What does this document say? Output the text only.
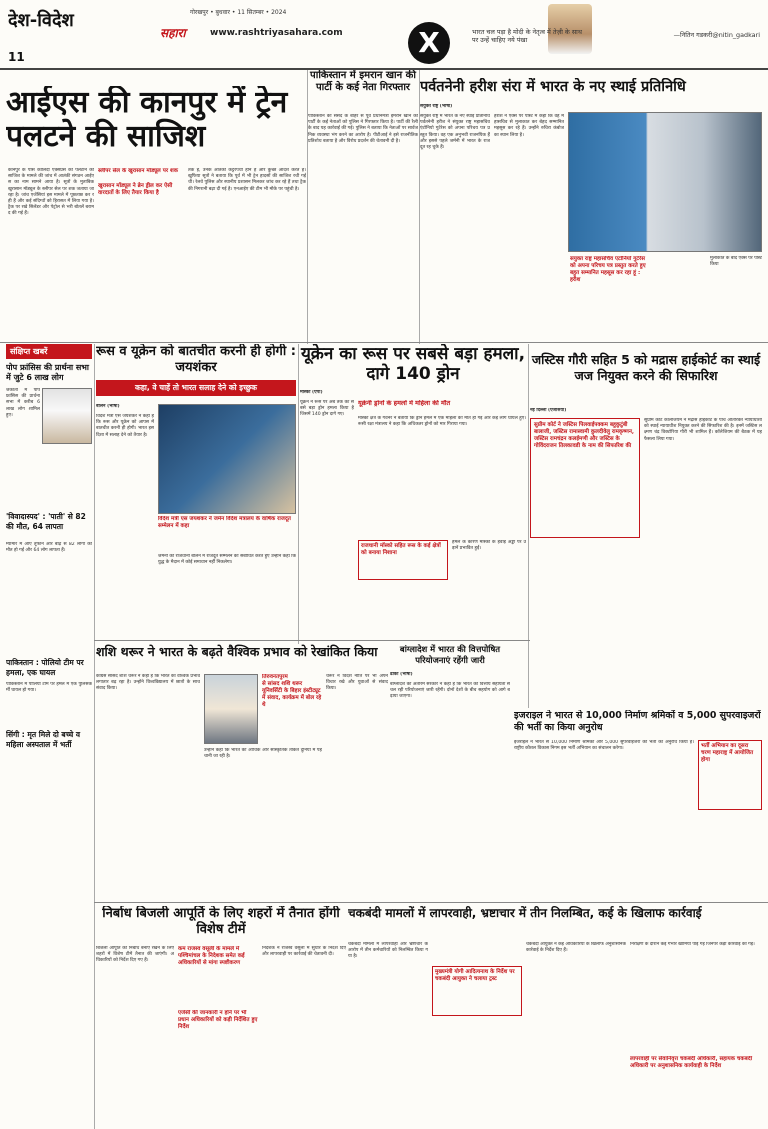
देश-विदेश
11
गोरखपुर • बुधवार • 11 सितम्बर • 2024
सहारा	www.rashtriyasahara.com	X	भारत चल पड़ा है मोदी के नेतृत्व में तेज़ी के साथ
पर उन्हें चाहिए नये पंखा
—नितिन गडकरी@nitin_gadkari
आईएस की कानपुर में ट्रेन पलटने की साजिश
कानपुर के पास कालिंदी एक्सप्रेस को पलटाने की साजिश के मामले की जांच में आतंकी संगठन आईएस का नाम सामने आया है। सूत्रों के मुताबिक खुरासान मॉड्यूल के स्लीपर सेल पर शक जताया जा रहा है। जांच एजेंसियां इस मामले में पूछताछ कर रही हैं और कई संदिग्धों को हिरासत में लिया गया है। ट्रैक पर रखे सिलेंडर और पेट्रोल से भरी बोतलें बरामद की गई हैं।
स्लीपर सेल के खुरासान मॉड्यूल पर शक
खुरासान मॉड्यूल ने ब्रेन ड्रील कर ऐसी वारदातों के लिए तैयार किया है
तक हैं, उनके आतंकी कट्टरपंथी होने हैं और कुच्छ आदेश करते हैं। खुफिया सूत्रों ने बताया कि पूर्व में भी ट्रेन हादसों की साजिश रची गई थी। रेलवे पुलिस और स्थानीय प्रशासन मिलकर जांच कर रहे हैं तथा ट्रैक की निगरानी बढ़ा दी गई है। एनआईए की टीम भी मौके पर पहुंची है।
पाकिस्तान में इमरान खान की पार्टी के कई नेता गिरफ्तार
पाकिस्तान की संसद के बाहर से पूर्व प्रधानमंत्री इमरान खान की पार्टी के कई नेताओं को पुलिस ने गिरफ्तार किया है। पार्टी की रैली के बाद यह कार्रवाई की गई। पुलिस ने बताया कि नेताओं पर सार्वजनिक व्यवस्था भंग करने का आरोप है। पीटीआई ने इसे राजनीतिक प्रतिशोध बताया है और विरोध प्रदर्शन की चेतावनी दी है।
पर्वतनेनी हरीश संरा में भारत के नए स्थाई प्रतिनिधि
संयुक्त राष्ट्र (भाषा)
संयुक्त राष्ट्र में भारत के नए स्थाई प्रतिनिधि पर्वतनेनी हरीश ने संयुक्त राष्ट्र महासचिव एंटोनियो गुटेरेस को अपना परिचय पत्र प्रस्तुत किया। वह एक अनुभवी राजनयिक हैं और इससे पहले जर्मनी में भारत के राजदूत रह चुके हैं।
हरीश ने एक्स पर पोस्ट में कहा कि वह महासचिव से मुलाकात कर बेहद सम्मानित महसूस कर रहे हैं। उन्होंने रुचिरा कंबोज का स्थान लिया है।
संयुक्त राष्ट्र महासचिव एंटोनियो गुटेरेस को अपना परिचय पत्र प्रस्तुत करते हुए बहुत सम्मानित महसूस कर रहा हूं : हरीश
मुलाकात के बाद एक्स पर पोस्ट किया
जस्टिस गौरी सहित 5 को मद्रास हाईकोर्ट का स्थाई जज नियुक्त करने की सिफारिश
नई दिल्ली (एजेंसियां)
सुप्रीम कोर्ट ने जस्टिस पिलवाईपक्कम बहुकुटुंबी बालाजी, जस्टिस रामास्वामी कुलदीवेलु रामकृष्णन, जस्टिस रामचंद्रन कलईमणी और जस्टिस के गोविंदराजन तिलकावडी के नाम की सिफारिश की
सुप्रीम कोर्ट कॉलेजियम ने मद्रास हाईकोर्ट के पांच अतिरिक्त न्यायाधीशों को स्थाई न्यायाधीश नियुक्त करने की सिफारिश की है। इनमें जस्टिस लक्ष्मण चंद्र विक्टोरिया गौरी भी शामिल हैं। कॉलेजियम की बैठक में यह फैसला लिया गया।
संक्षिप्त खबरें
पोप फ्रांसिस की प्रार्थना सभा में जुटे 6 लाख लोग
जकार्ता में पोप फ्रांसिस की प्रार्थना सभा में करीब 6 लाख लोग शामिल हुए।
'विवादास्पद' : 'पाती' से 82 की मौत, 64 लापता
म्यांमार में आए तूफान और बाढ़ से 82 लोगों की मौत हो गई और 64 लोग लापता हैं।
पाकिस्तान : पोलियो टीम पर हमला, एक घायल
पाकिस्तान में पोलियो टीम पर हमले में एक पुलिसकर्मी घायल हो गया।
सिंगी : मृत मिले दो बच्चे व महिला अस्पताल में भर्ती
रूस व यूक्रेन को बातचीत करनी ही होगी : जयशंकर
कहा, वे चाहें तो भारत सलाह देने को इच्छुक
बर्लिन (भाषा)
विदेश मंत्री एस जयशंकर ने कहा है कि रूस और यूक्रेन को आपस में बातचीत करनी ही होगी। भारत इस दिशा में सलाह देने को तैयार है।
विदेश मंत्री एस जयशंकर ने जर्मन विदेश मंत्रालय के वार्षिक राजदूत सम्मेलन में कहा
जर्मनी की राजधानी बर्लिन में राजदूत सम्मेलन को संबोधित करते हुए उन्होंने कहा कि युद्ध के मैदान में कोई समाधान नहीं निकलेगा।
यूक्रेन का रूस पर सबसे बड़ा हमला, दागे 140 ड्रोन
मॉस्को (एपी)
यूक्रेन ने रूस पर अब तक का सबसे बड़ा ड्रोन हमला किया है जिसमें 140 ड्रोन दागे गए।
यूक्रेनी ड्रोनों के हमलों में महिला की मौत
मॉस्को क्षेत्र के गवर्नर ने बताया कि ड्रोन हमले में एक महिला की मौत हो गई और कई लोग घायल हुए। रूसी रक्षा मंत्रालय ने कहा कि अधिकतर ड्रोनों को मार गिराया गया।
राजधानी मॉस्को सहित रूस के कई क्षेत्रों को बनाया निशाना
हमले के कारण मॉस्को के हवाई अड्डों पर उड़ानें प्रभावित हुईं।
शशि थरूर ने भारत के बढ़ते वैश्विक प्रभाव को रेखांकित किया
कांग्रेस सांसद शशि थरूर ने कहा है कि भारत का वैश्विक प्रभाव लगातार बढ़ रहा है। उन्होंने विश्वविद्यालय में छात्रों के साथ संवाद किया।
तिरुवनंतपुरम
से सांसद शशि थरूर यूनिवर्सिटी के बिहार इंस्टीट्यूट में संवाद, कार्यक्रम में बोल रहे थे
उन्होंने कहा कि भारत की आर्थिक और सांस्कृतिक ताकत दुनिया में पहचानी जा रही है।
थरूर ने विदेश नीति पर भी अपने विचार रखे और युवाओं से संवाद किया।
बांग्लादेश में भारत की वित्तपोषित परियोजनाएं रहेंगी जारी
ढाका (भाषा)
बांग्लादेश की अंतरिम सरकार ने कहा है कि भारत की वित्तीय सहायता से चल रही परियोजनाएं जारी रहेंगी। दोनों देशों के बीच सहयोग को आगे बढ़ाया जाएगा।
इजराइल ने भारत से 10,000 निर्माण श्रमिकों व 5,000 सुपरवाइजरों की भर्ती का किया अनुरोध
इजराइल ने भारत से 10,000 निर्माण श्रमिकों और 5,000 सुपरवाइजरों की भर्ती का अनुरोध किया है। राष्ट्रीय कौशल विकास निगम इस भर्ती अभियान का संचालन करेगा।	भर्ती अभियान का दूसरा चरण महाराष्ट्र में आयोजित होगा
निर्बाध बिजली आपूर्ति के लिए शहरों में तैनात होंगी विशेष टीमें
बिजली आपूर्ति को निर्बाध बनाए रखने के लिए शहरों में विशेष टीमें तैनात की जाएंगी। अधिकारियों को निर्देश दिए गए हैं।
कम राजस्व वसूली के मामले में पश्चिमांचल के निदेशक समेत कई अधिकारियों से मांगा स्पष्टीकरण
एजेंसी की जानकारी न होने पर भी प्रधान अधिकारियों को कड़ी निर्देशित हुए निर्देश
निदेशक ने राजस्व वसूली में सुधार के निर्देश दिए और लापरवाही पर कार्रवाई की चेतावनी दी।
चकबंदी मामलों में लापरवाही, भ्रष्टाचार में तीन निलम्बित, कई के खिलाफ कार्रवाई
चकबंदी मामलों में लापरवाही और भ्रष्टाचार के आरोप में तीन कर्मचारियों को निलम्बित किया गया है।
मुख्यमंत्री योगी आदित्यनाथ के निर्देश पर चकबंदी आयुक्त ने चलाया ट्रस्ट
चकबंदी आयुक्त ने कई अधिकारियों के खिलाफ अनुशासनिक कार्रवाई के निर्देश दिए हैं।
लापरवाही पर सेवानिवृत्त चकबंदी अधिकारी, सहायक चकबंदी अधिकारी पर अनुशासनिक कार्यवाही के निर्देश
निरीक्षण के दौरान कई गंभीर खामियां पाई गईं जिनपर कड़ी कार्रवाई की गई।
